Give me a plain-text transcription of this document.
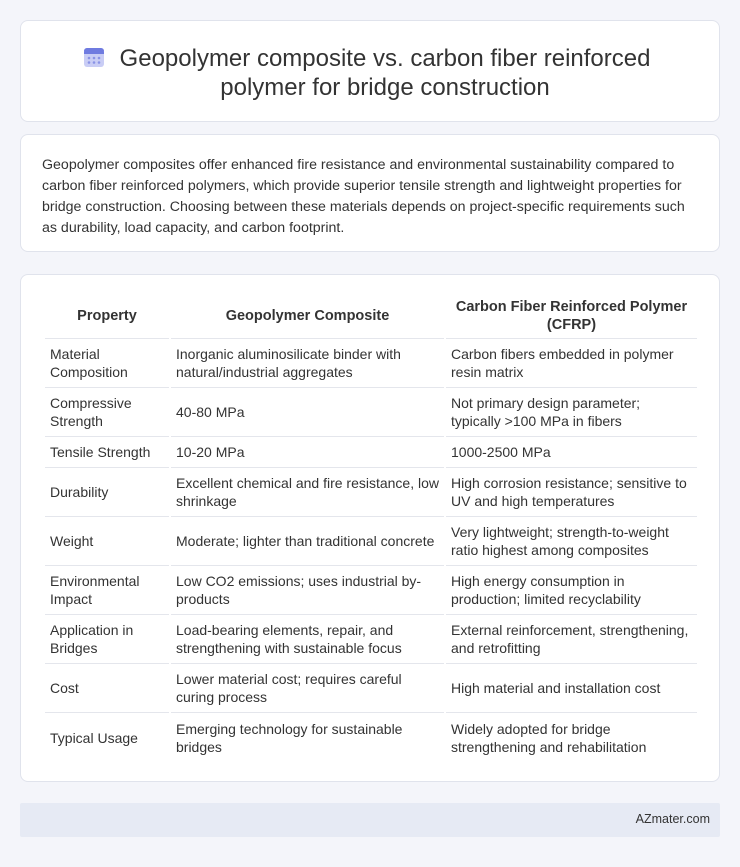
Geopolymer composite vs. carbon fiber reinforced polymer for bridge construction

Geopolymer composites offer enhanced fire resistance and environmental sustainability compared to carbon fiber reinforced polymers, which provide superior tensile strength and lightweight properties for bridge construction. Choosing between these materials depends on project-specific requirements such as durability, load capacity, and carbon footprint.

Property	Geopolymer Composite	Carbon Fiber Reinforced Polymer (CFRP)
Material Composition	Inorganic aluminosilicate binder with natural/industrial aggregates	Carbon fibers embedded in polymer resin matrix
Compressive Strength	40-80 MPa	Not primary design parameter; typically >100 MPa in fibers
Tensile Strength	10-20 MPa	1000-2500 MPa
Durability	Excellent chemical and fire resistance, low shrinkage	High corrosion resistance; sensitive to UV and high temperatures
Weight	Moderate; lighter than traditional concrete	Very lightweight; strength-to-weight ratio highest among composites
Environmental Impact	Low CO2 emissions; uses industrial by-products	High energy consumption in production; limited recyclability
Application in Bridges	Load-bearing elements, repair, and strengthening with sustainable focus	External reinforcement, strengthening, and retrofitting
Cost	Lower material cost; requires careful curing process	High material and installation cost
Typical Usage	Emerging technology for sustainable bridges	Widely adopted for bridge strengthening and rehabilitation
AZmater.com
